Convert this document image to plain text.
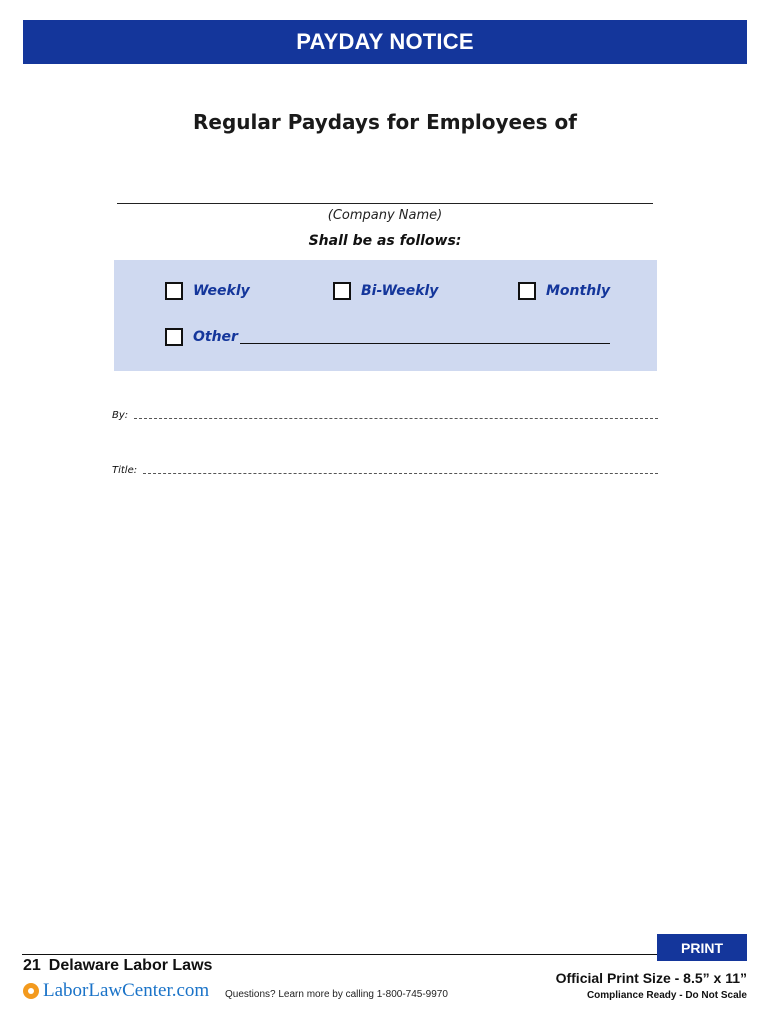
PAYDAY NOTICE
Regular Paydays for Employees of
(Company Name)
Shall be as follows:
Weekly	Bi-Weekly	Monthly
Other
By:
Title:
PRINT
21 Delaware Labor Laws
LaborLawCenter.com Questions? Learn more by calling 1-800-745-9970
Official Print Size - 8.5” x 11”
Compliance Ready - Do Not Scale
